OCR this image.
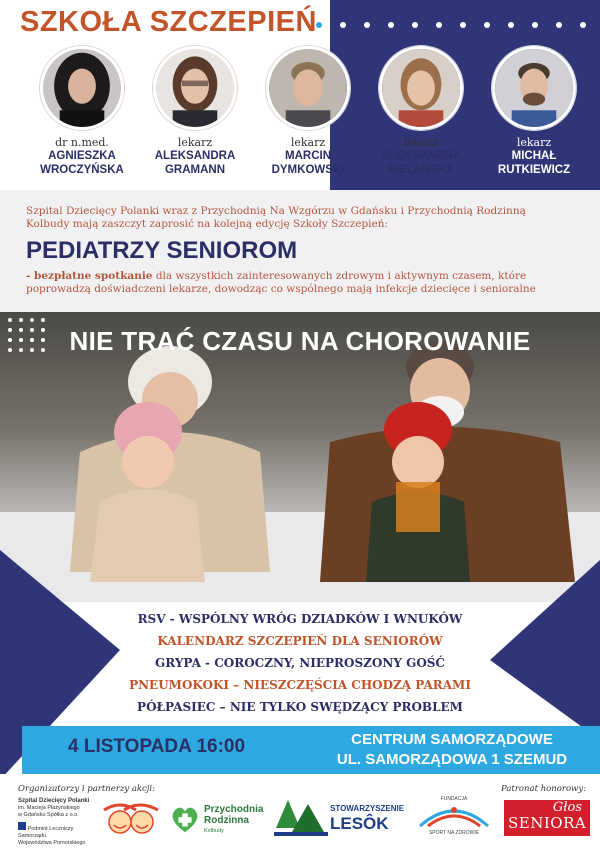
SZKOŁA SZCZEPIEŃ
dr n.med.
AGNIESZKA
WROCZYŃSKA
lekarz
ALEKSANDRA
GRAMANN
lekarz
MARCIN
DYMKOWSKI
lekarz
ALEKSANDRA
BIELAŃSKA
lekarz
MICHAŁ
RUTKIEWICZ
Szpital Dziecięcy Polanki wraz z Przychodnią Na Wzgórzu w Gdańsku i Przychodnią Rodzinną Kolbudy mają zaszczyt zaprosić na kolejną edycję Szkoły Szczepień:
PEDIATRZY SENIOROM
- bezpłatne spotkanie dla wszystkich zainteresowanych zdrowym i aktywnym czasem, które poprowadzą doświadczeni lekarze, dowodząc co wspólnego mają infekcje dziecięce i senioralne
NIE TRAĆ CZASU NA CHOROWANIE
RSV - WSPÓLNY WRÓG DZIADKÓW I WNUKÓW
KALENDARZ SZCZEPIEŃ DLA SENIORÓW
GRYPA - COROCZNY, NIEPROSZONY GOŚĆ
PNEUMOKOKI – NIESZCZĘŚCIA CHODZĄ PARAMI
PÓŁPASIEC – NIE TYLKO SWĘDZĄCY PROBLEM
4 LISTOPADA 16:00	CENTRUM SAMORZĄDOWE
UL. SAMORZĄDOWA 1 SZEMUD
Organizatorzy i partnerzy akcji:	Patronat honorowy:
Szpital Dziecięcy Polanki
im. Macieja Płażyńskiego
w Gdańsku Spółka z o.o.
Podmiot Leczniczy Samorządu
Województwa Pomorskiego
Przychodnia
Rodzinna
Kolbudy
STOWARZYSZENIE
LESÔK
FUNDACJA
SPORT NA ZDROWIE
Głos
SENIORA
